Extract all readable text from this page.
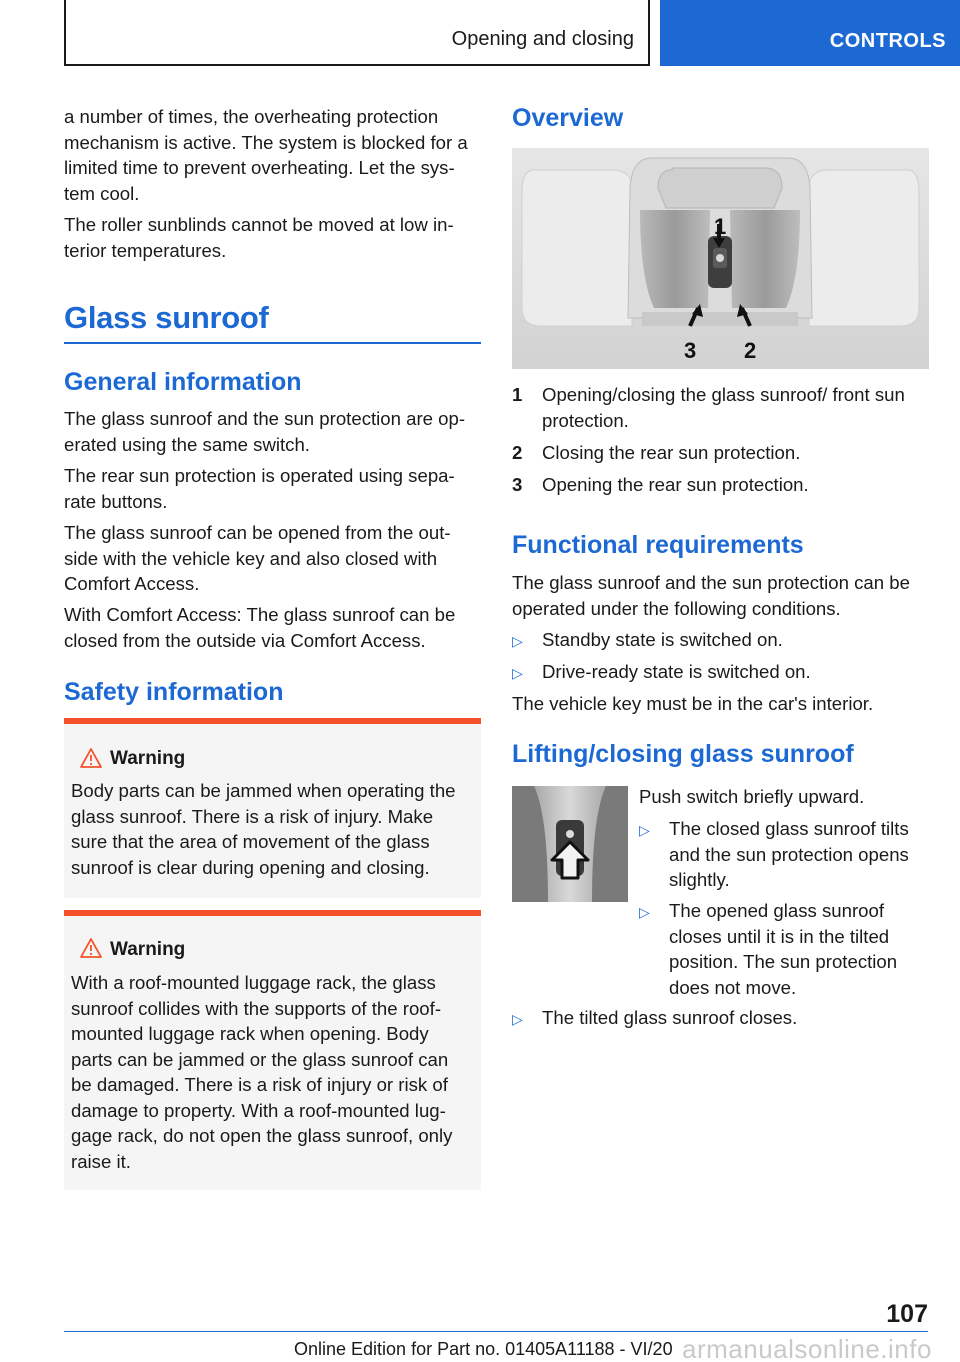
Opening and closing	CONTROLS

a number of times, the overheating protection
mechanism is active. The system is blocked for a
limited time to prevent overheating. Let the sys-
tem cool.

The roller sunblinds cannot be moved at low in-
terior temperatures.

Glass sunroof
General information

The glass sunroof and the sun protection are op-
erated using the same switch.

The rear sun protection is operated using sepa-
rate buttons.

The glass sunroof can be opened from the out-
side with the vehicle key and also closed with
Comfort Access.

With Comfort Access: The glass sunroof can be
closed from the outside via Comfort Access.

Safety information
Warning
Body parts can be jammed when operating the
glass sunroof. There is a risk of injury. Make
sure that the area of movement of the glass
sunroof is clear during opening and closing.
Warning
With a roof-mounted luggage rack, the glass
sunroof collides with the supports of the roof-
mounted luggage rack when opening. Body
parts can be jammed or the glass sunroof can
be damaged. There is a risk of injury or risk of
damage to property. With a roof-mounted lug-
gage rack, do not open the glass sunroof, only
raise it.
Overview
1
2
3
1 Opening/closing the glass sunroof/ front sun
protection.
2 Closing the rear sun protection.
3 Opening the rear sun protection.
Functional requirements

The glass sunroof and the sun protection can be
operated under the following conditions.

▷ Standby state is switched on.
▷ Drive-ready state is switched on.

The vehicle key must be in the car's interior.

Lifting/closing glass sunroof

Push switch briefly upward.

▷ The closed glass sunroof tilts
and the sun protection opens
slightly.
▷ The opened glass sunroof
closes until it is in the tilted
position. The sun protection
does not move.
▷ The tilted glass sunroof closes.
107
Online Edition for Part no. 01405A11188 - VI/20 armanualsonline.info
